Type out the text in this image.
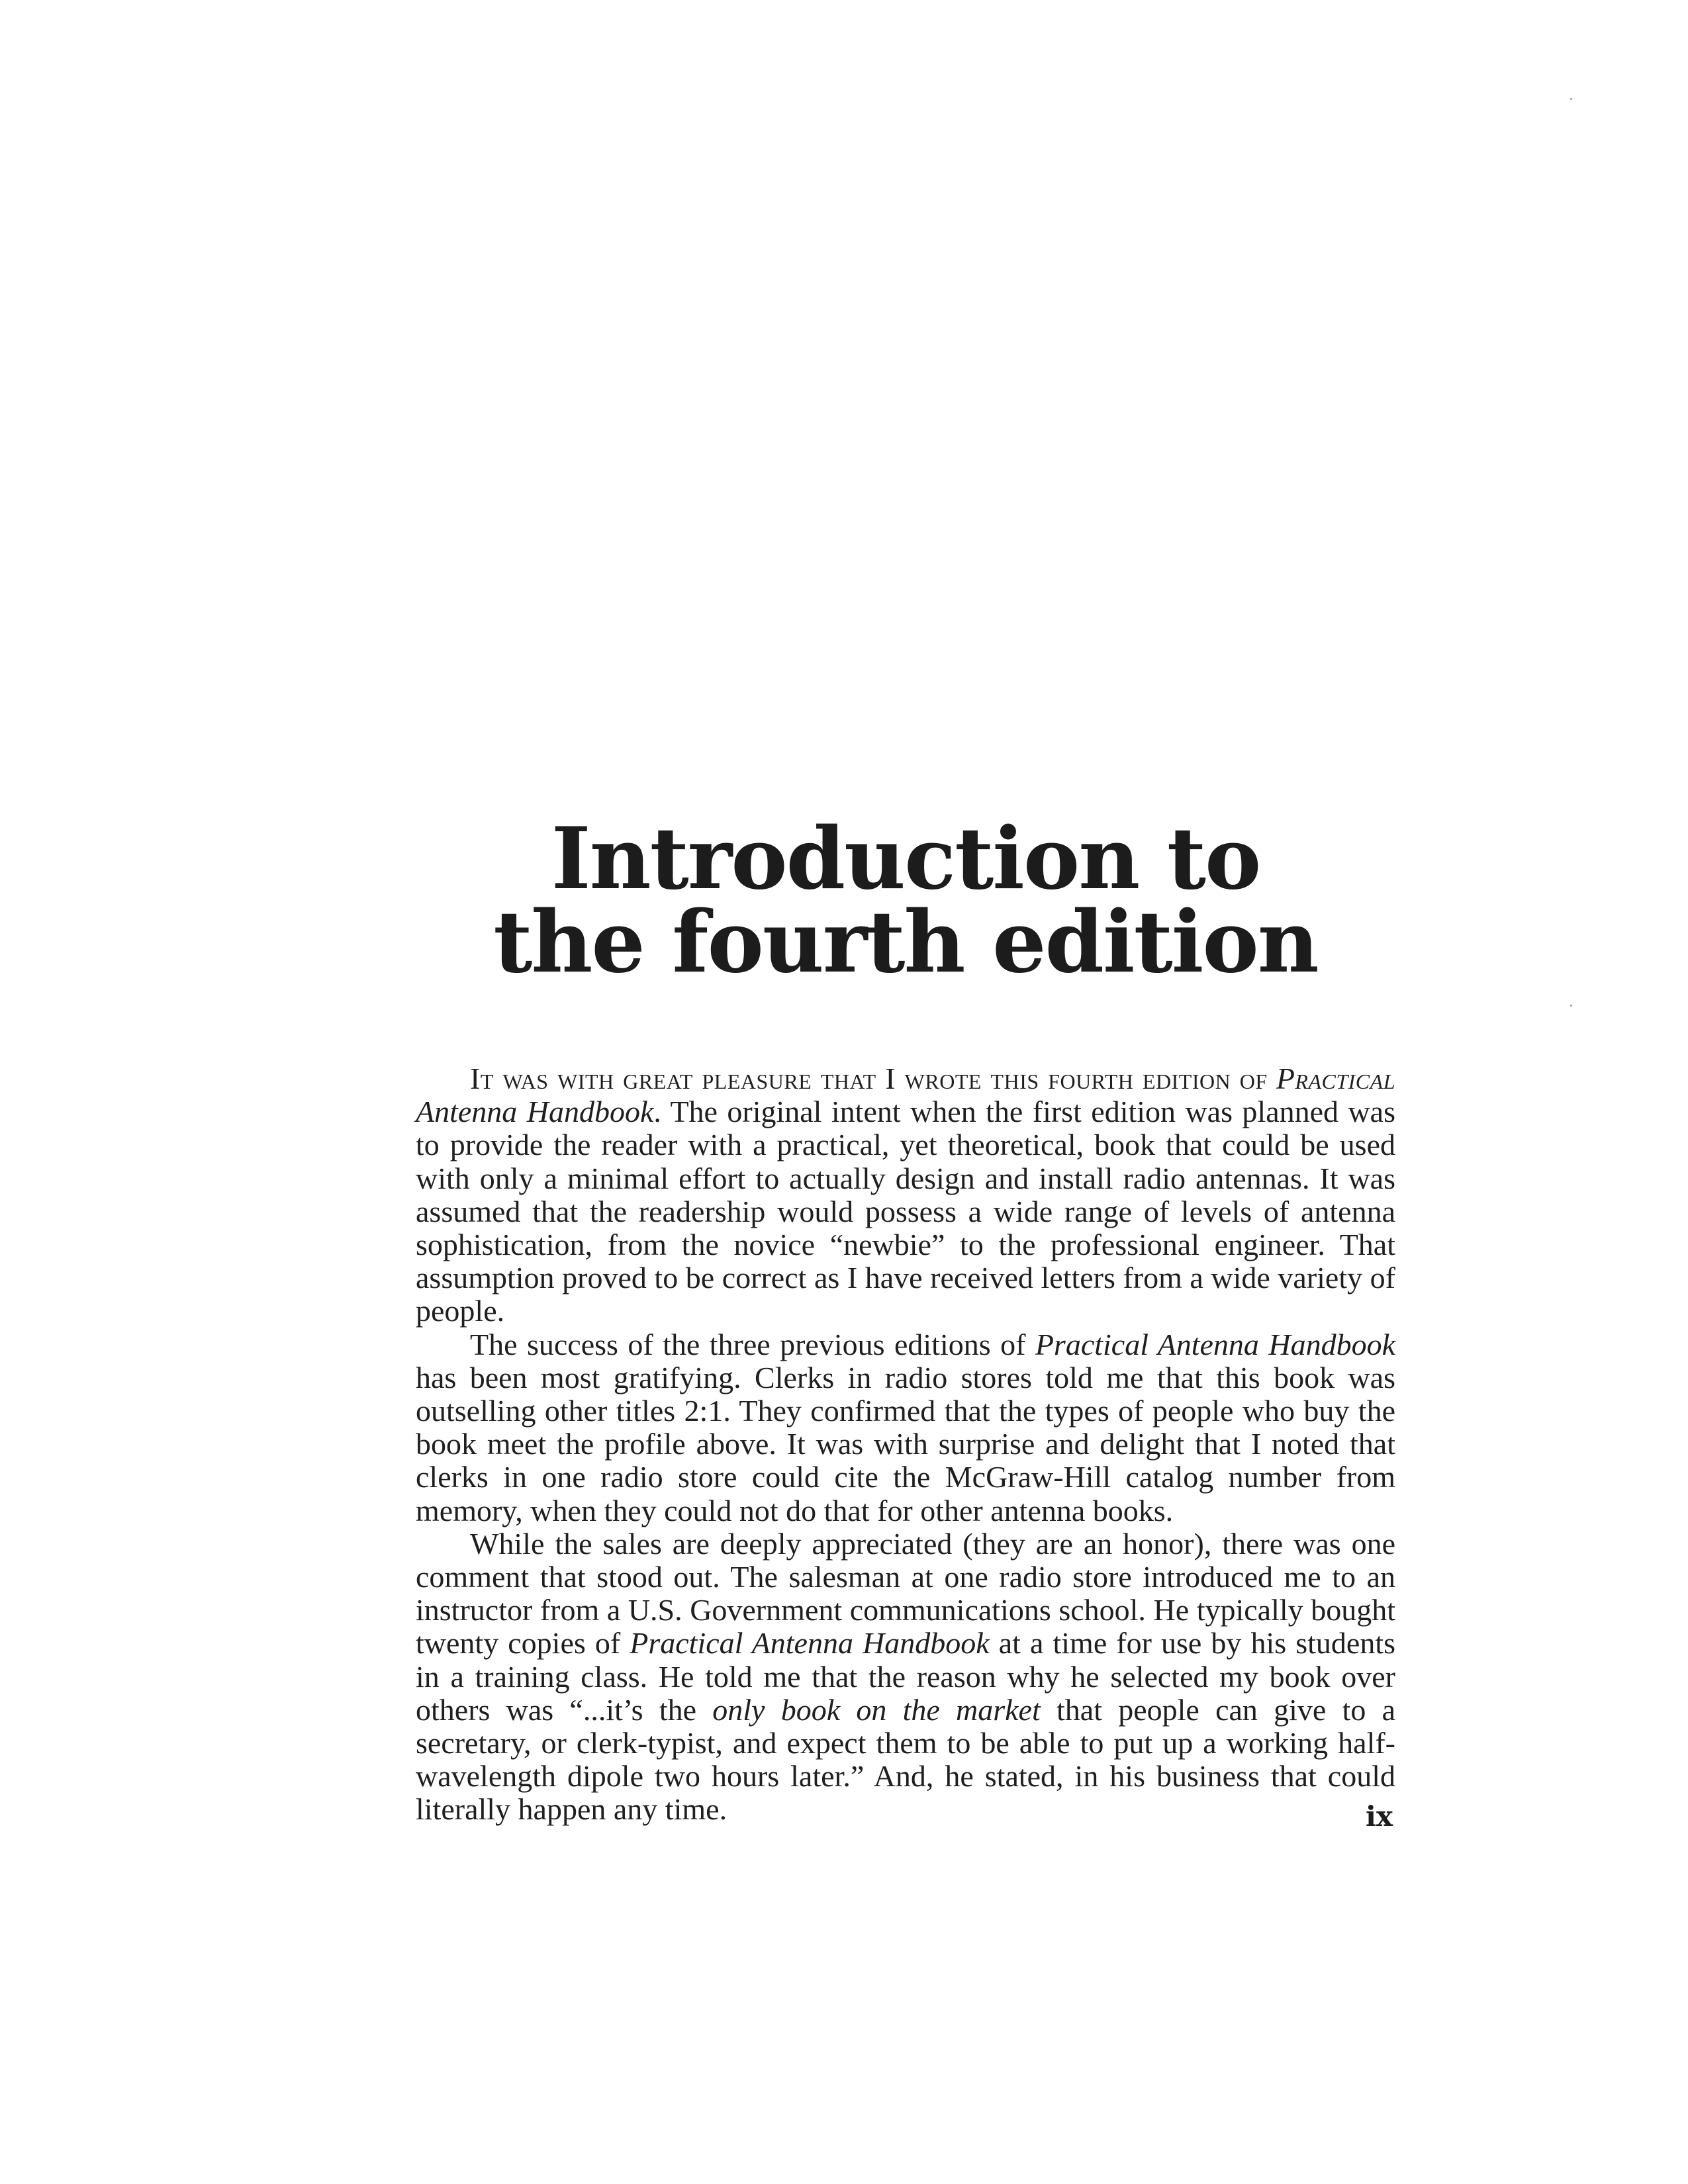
Introduction to
the fourth edition

It was with great pleasure that I wrote this fourth edition of Practical Antenna Handbook. The original intent when the first edition was planned was to provide the reader with a practical, yet theoretical, book that could be used with only a minimal effort to actually design and install radio antennas. It was assumed that the readership would possess a wide range of levels of antenna sophistication, from the novice “newbie” to the professional engineer. That assumption proved to be correct as I have received letters from a wide variety of people.

The success of the three previous editions of Practical Antenna Handbook has been most gratifying. Clerks in radio stores told me that this book was outselling other titles 2:1. They confirmed that the types of people who buy the book meet the profile above. It was with surprise and delight that I noted that clerks in one radio store could cite the McGraw-Hill catalog number from memory, when they could not do that for other antenna books.

While the sales are deeply appreciated (they are an honor), there was one comment that stood out. The salesman at one radio store introduced me to an instructor from a U.S. Government communications school. He typically bought twenty copies of Practical Antenna Handbook at a time for use by his students in a training class. He told me that the reason why he selected my book over others was “...it’s the only book on the market that people can give to a secretary, or clerk-typist, and expect them to be able to put up a working half-wavelength dipole two hours later.” And, he stated, in his business that could literally happen any time.	ix
